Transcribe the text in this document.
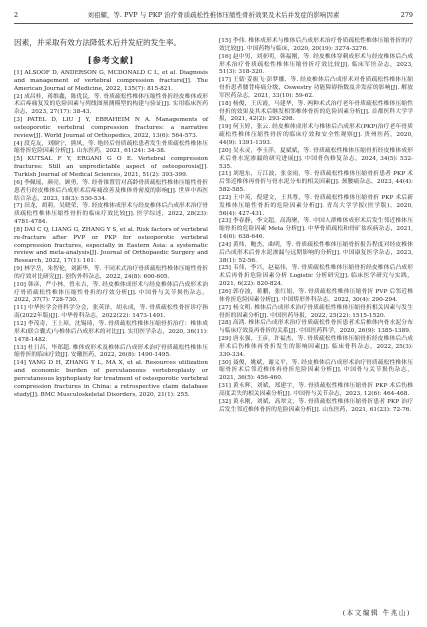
2	刘祖耀，等. PVP 与 PKP 治疗骨质疏松性椎体压缩性骨折效果及术后并发症的影响因素	279

因素，并采取有效方法降低术后并发症的发生率。

[参考文献]

[1] ALSOOF D, ANDERSON G, MCDONALD C L, et al. Diagnosis and management of vertebral compression fracture[J]. The American Journal of Medicine, 2022, 135(7): 815-821.

[2] 成昌桂，蒋维鑫，陈优民，等. 骨质疏松性椎体压缩性骨折经皮椎体成形术后疼痛复发的危险因素与列线图预测模型的构建与验证[J]. 实用临床医药杂志，2023, 27(17): 38-43.

[3] PATEL D, LIU J Y, EBRAHEIM N A. Managements of osteoporotic vertebral compression fractures: a narrative review[J]. World Journal of Orthopedics, 2022, 13(6): 564-573.

[4] 段克友，刘顺宁，熊风，等. 绝经后骨质疏松患者发生骨质疏松性椎体压缩骨折危险因素分析[J]. 山东医药，2021, 61(24): 34-38.

[5] KUTSAL F Y, ERGANI G O E. Vertebral compression fractures: Still an unpredictable aspect of osteoporosis[J]. Turkish Journal of Medical Sciences, 2021, 51(2): 393-399.

[6] 李佩瑶，颜亮，顾勇，等. 经骨锥置管对高龄骨质疏松性椎体压缩性骨折患者行经皮椎体后凸成形术后疼痛改善及椎体骨密度的影响[J]. 世界中西医结合杂志，2023, 18(3): 530-534.

[7] 田龙，胡莉，吴晓荣，等. 经皮椎体成形术与经皮椎体后凸成形术治疗骨质疏松性椎体压缩性骨折的临床疗效比较[J]. 医学综述，2022, 28(23): 4781-4784.

[8] DAI C Q, LIANG G, ZHANG Y S, et al. Risk factors of vertebral re-fracture after PVP or PKP for osteoporotic vertebral compression fractures, especially in Eastern Asia: a systematic review and meta-analysis[J]. Journal of Orthopaedic Surgery and Research, 2022, 17(1): 161.

[9] 林学岳，朱智伦，刘新华，等. 不同术式治疗骨质疏松性椎体压缩性骨折的疗效对比研究[J]. 创伤外科杂志，2022, 24(8): 600-605.

[10] 韩彦，严小林，曾永吉，等. 经皮椎体成形术与经皮椎体后凸成形术治疗骨质疏松性椎体压缩性骨折的疗效分析[J]. 中国骨与关节损伤杂志，2022, 37(7): 728-730.

[11] 中华医学会骨科学分会，张英泽，胡永成，等. 骨质疏松性骨折诊疗指南(2022年版)[J]. 中华骨科杂志，2022(22): 1473-1491.

[12] 李茂奇，王上璋，沈锡琦，等. 骨质疏松性椎体压缩骨折治疗：椎体成形术(联合囊式)与椎体后凸成形术的对比[J]. 实用医学杂志，2020, 36(11): 1478-1482.

[13] 杜日昌，毕郑超. 椎体成形术及椎体后凸成形术治疗骨质疏松性椎体压缩骨折的临床疗效[J]. 安徽医药，2022, 26(8): 1490-1495.

[14] YANG D H, ZHANG Y L, MA X, et al. Resources utilization and economic burden of percutaneous vertebroplasty or percutaneous kyphoplasty for treatment of osteoporotic vertebral compression fractures in China: a retrospective claim database study[J]. BMC Musculoskeletal Disorders, 2020, 21(1): 255.

[15] 李伟. 椎体成形术与椎体后凸成形术治疗骨质疏松性椎体压缩骨折的疗效比较[J]. 中国药物与临床，2020, 20(19): 3274-3276.

[16] 赵中男，刘亚明，韩福刚，等. 经皮椎体穿刺成形术与经皮椎体后凸成形术治疗骨质疏松性椎体压缩骨折疗效比较[J]. 临床军医杂志，2023, 51(3): 318-320.

[17] 王婧·妥振飞·彭梦娜，等. 经皮椎体后凸成形术对骨质疏松性椎体压缩骨折患者腰背疼痛分级、Oswestry 功能障碍指数及并发症的影响[J]. 解放军医药杂志，2021, 33(10): 59-62.

[18] 杨俊，王庆霞，马建华，等. 两种术式治疗老年骨质疏松性椎体压缩性骨折的效果及其术后继发相邻椎体骨折的危险因素分析[J]. 首都医科大学学报，2021, 42(2): 293-298.

[19] 何玉婷，张云. 经皮椎体成形术与椎体后凸成形术(PKP)治疗老年骨质疏松性椎体压缩性骨折的临床疗效和安全性观察[J]. 贵州医药，2020, 44(9): 1391-1393.

[20] 吴永灵，李玉萍，夏斌斌，等. 骨质疏松性椎体压缩骨折经皮椎体成形术后骨水泥渗漏的研究进展[J]. 中国骨伤修复杂志，2024, 34(5): 532-535.

[21] 刘旭东，万江波，张金雨，等. 骨质疏松性椎体压缩骨折患者 PKP 术后邻近椎体再骨折与骨水泥分布的相关因素[J]. 颈腰痛杂志，2023, 44(4): 582-585.

[22] 王中英，倪建文，王其尊，等. 骨质疏松性椎体压缩骨折 PKP 术后新发椎体压缩性骨折的危险因素分析[J]. 青岛大学学报(医学版)，2020, 56(4): 427-431.

[23] 李春静，李文超，高海聚，等. 中国人群椎体成形术后发生邻近椎体压缩骨折的危险因素 Meta 分析[J]. 中华骨质疏松和骨矿盐疾病杂志，2021, 14(6): 638-646.

[24] 黄炜，鲍杰，曲明，等. 骨质疏松性椎体压缩骨折报告程度对经皮椎体后凸成形术后骨水泥渗漏与远期影响的分析[J]. 中国康复医学杂志，2023, 38(1): 52-56.

[25] 韦伟，李兴，赵福伟，等. 骨质疏松性椎体压缩骨折经皮椎体后凸成形术后再骨折危险因素分析 Logistic 分析研究[J]. 临床医学研究与实践，2021, 6(22): 820-824.

[26] 郭存波，蒋鹏，张红娟，等. 骨质疏松性椎体压缩骨折 PVP 后邻近椎体骨折危险因素分析[J]. 中国矫形外科杂志，2022, 30(4): 290-294.

[27] 杨文明. 椎体后凸成形术治疗骨质疏松性椎体压缩骨折相关因素与发生骨折的因素分析[J]. 中国医药导报，2022, 25(22): 1515-1520.

[28] 高鸿. 椎体后凸成形术治疗骨质疏松性骨折患者术后椎体内骨水泥分布与临床疗效及再骨折的关系[J]. 中国医药科学，2020, 26(9): 1385-1389.

[29] 唐永强，王彦，许福杰，等. 骨质疏松性椎体压缩骨折经皮椎体后凸成形术后伤椎体再骨折发生的影响因素[J]. 临床骨科杂志，2022, 25(3): 330-334.

[30] 聂俊，姚斌，谢义平，等. 经皮椎体后凸成形术治疗骨质疏松性椎体压缩骨折术后邻近椎体再骨折危险因素分析[J]. 中国骨与关节损伤杂志，2021, 36(5): 456-460.

[31] 黄永辉，刘斌，郑建宇，等. 骨质疏松性椎体压缩骨折 PKP 术后伤椎高度丢失的相关因素分析[J]. 中国骨与关节杂志，2023, 12(6): 464-468.

[32] 黄永刚，刘斌，高翠文，等. 骨质疏松性椎体压缩骨折患者 PKP 治疗后发生邻近椎体骨折的危险因素分析[J]. 山东医药，2021, 61(23): 72-76.

(本文编辑 牛兆山)
